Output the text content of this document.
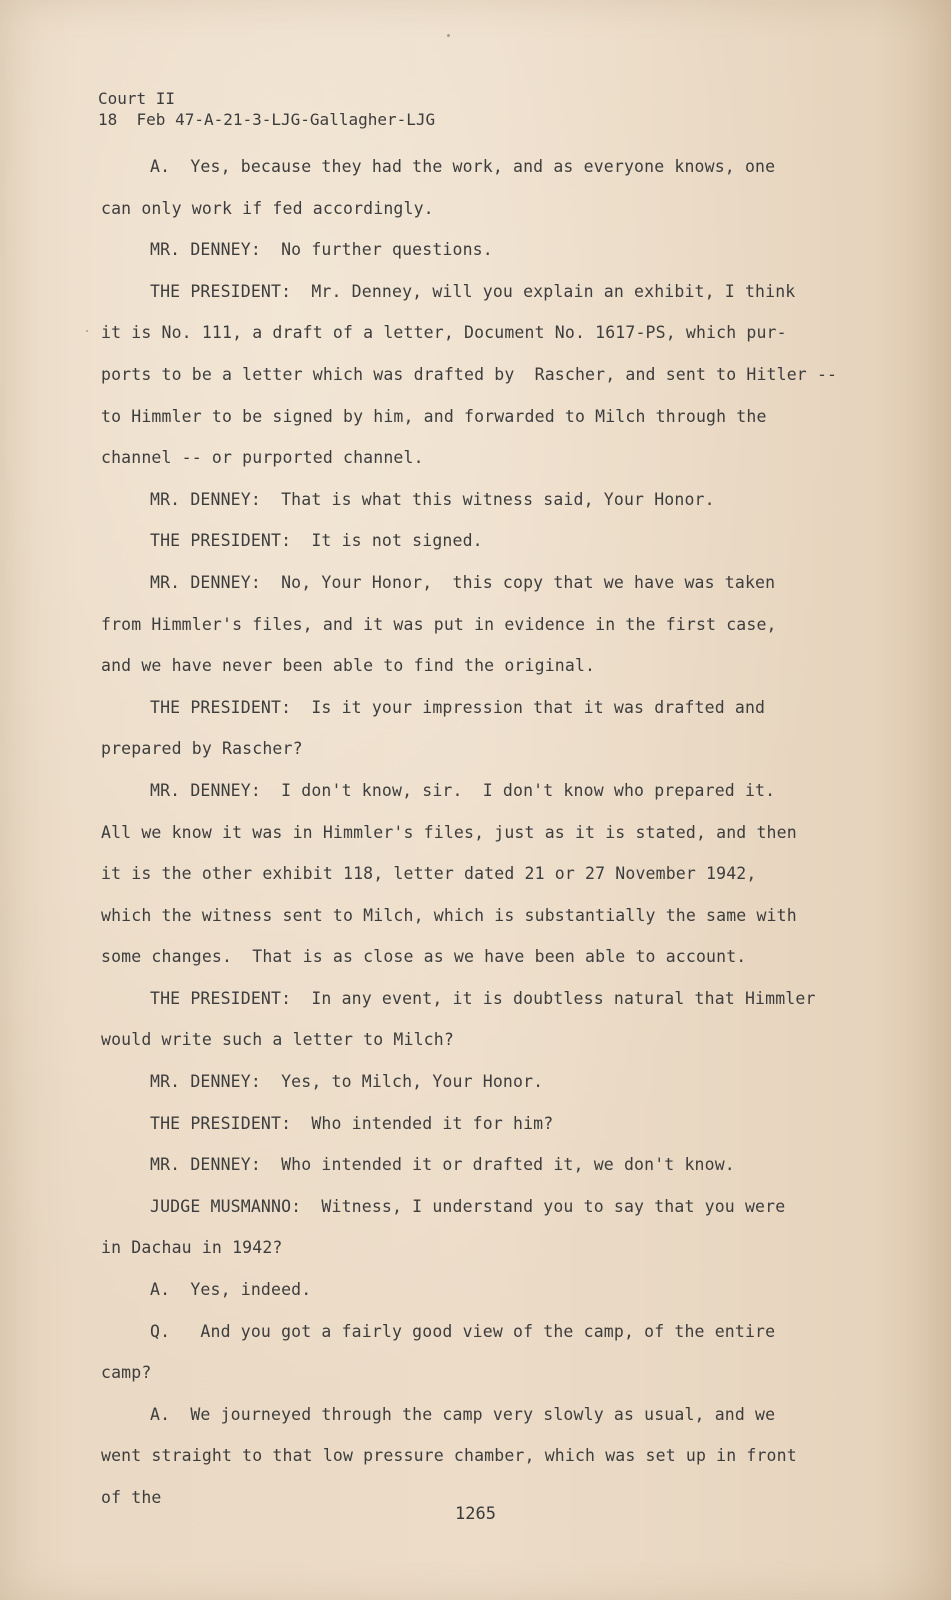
Court II
18  Feb 47-A-21-3-LJG-Gallagher-LJG
A.  Yes, because they had the work, and as everyone knows, one
can only work if fed accordingly.
MR. DENNEY:  No further questions.
THE PRESIDENT:  Mr. Denney, will you explain an exhibit, I think
it is No. 111, a draft of a letter, Document No. 1617-PS, which pur-
ports to be a letter which was drafted by  Rascher, and sent to Hitler --
to Himmler to be signed by him, and forwarded to Milch through the
channel -- or purported channel.
MR. DENNEY:  That is what this witness said, Your Honor.
THE PRESIDENT:  It is not signed.
MR. DENNEY:  No, Your Honor,  this copy that we have was taken
from Himmler's files, and it was put in evidence in the first case,
and we have never been able to find the original.
THE PRESIDENT:  Is it your impression that it was drafted and
prepared by Rascher?
MR. DENNEY:  I don't know, sir.  I don't know who prepared it.
All we know it was in Himmler's files, just as it is stated, and then
it is the other exhibit 118, letter dated 21 or 27 November 1942,
which the witness sent to Milch, which is substantially the same with
some changes.  That is as close as we have been able to account.
THE PRESIDENT:  In any event, it is doubtless natural that Himmler
would write such a letter to Milch?
MR. DENNEY:  Yes, to Milch, Your Honor.
THE PRESIDENT:  Who intended it for him?
MR. DENNEY:  Who intended it or drafted it, we don't know.
JUDGE MUSMANNO:  Witness, I understand you to say that you were
in Dachau in 1942?
A.  Yes, indeed.
Q.   And you got a fairly good view of the camp, of the entire
camp?
A.  We journeyed through the camp very slowly as usual, and we
went straight to that low pressure chamber, which was set up in front
of the
1265
